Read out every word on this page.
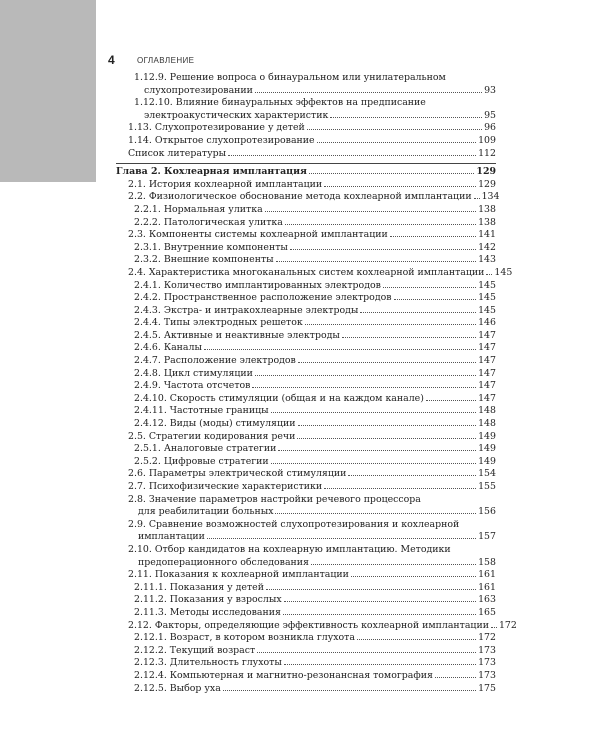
4	ОГЛАВЛЕНИЕ
1.12.9. Решение вопроса о бинауральном или унилатеральном
слухопротезировании	93
1.12.10. Влияние бинауральных эффектов на предписание
электроакустических характеристик	95
1.13. Слухопротезирование у детей	96
1.14. Открытое слухопротезирование	109
Список литературы	112
Глава 2. Кохлеарная имплантация	129
2.1. История кохлеарной имплантации	129
2.2. Физиологическое обоснование метода кохлеарной имплантации 134
2.2.1. Нормальная улитка	138
2.2.2. Патологическая улитка	138
2.3. Компоненты системы кохлеарной имплантации	141
2.3.1. Внутренние компоненты	142
2.3.2. Внешние компоненты	143
2.4. Характеристика многоканальных систем кохлеарной имплантации 145
2.4.1. Количество имплантированных электродов	145
2.4.2. Пространственное расположение электродов	145
2.4.3. Экстра- и интракохлеарные электроды	145
2.4.4. Типы электродных решеток	146
2.4.5. Активные и неактивные электроды	147
2.4.6. Каналы	147
2.4.7. Расположение электродов	147
2.4.8. Цикл стимуляции	147
2.4.9. Частота отсчетов	147
2.4.10. Скорость стимуляции (общая и на каждом канале)	147
2.4.11. Частотные границы	148
2.4.12. Виды (моды) стимуляции	148
2.5. Стратегии кодирования речи	149
2.5.1. Аналоговые стратегии	149
2.5.2. Цифровые стратегии	149
2.6. Параметры электрической стимуляции	154
2.7. Психофизические характеристики	155
2.8. Значение параметров настройки речевого процессора
для реабилитации больных	156
2.9. Сравнение возможностей слухопротезирования и кохлеарной
имплантации	157
2.10. Отбор кандидатов на кохлеарную имплантацию. Методики
предоперационного обследования	158
2.11. Показания к кохлеарной имплантации	161
2.11.1. Показания у детей	161
2.11.2. Показания у взрослых	163
2.11.3. Методы исследования	165
2.12. Факторы, определяющие эффективность кохлеарной имплантации 172
2.12.1. Возраст, в котором возникла глухота	172
2.12.2. Текущий возраст	173
2.12.3. Длительность глухоты	173
2.12.4. Компьютерная и магнитно-резонансная томография	173
2.12.5. Выбор уха	175
